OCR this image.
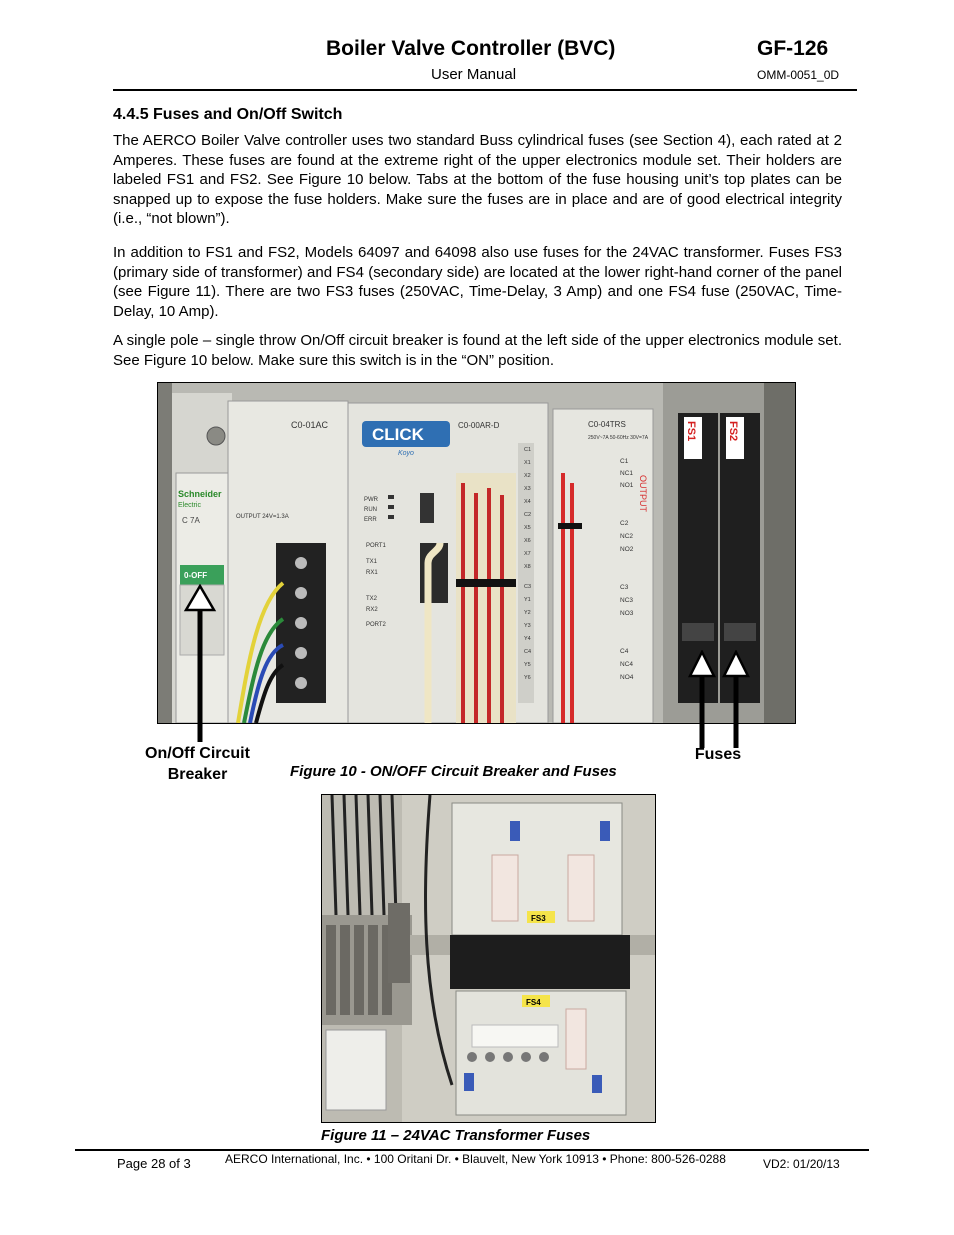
Boiler Valve Controller (BVC)	GF-126
User Manual	OMM-0051_0D
4.4.5 Fuses and On/Off Switch
The AERCO Boiler Valve controller uses two standard Buss cylindrical fuses (see Section 4), each rated at 2 Amperes. These fuses are found at the extreme right of the upper electronics module set. Their holders are labeled FS1 and FS2. See Figure 10 below. Tabs at the bottom of the fuse housing unit’s top plates can be snapped up to expose the fuse holders. Make sure the fuses are in place and are of good electrical integrity (i.e., “not blown”).
In addition to FS1 and FS2, Models 64097 and 64098 also use fuses for the 24VAC transformer. Fuses FS3 (primary side of transformer) and FS4 (secondary side) are located at the lower right-hand corner of the panel (see Figure 11). There are two FS3 fuses (250VAC, Time-Delay, 3 Amp) and one FS4 fuse (250VAC, Time-Delay, 10 Amp).
A single pole – single throw On/Off circuit breaker is found at the left side of the upper electronics module set. See Figure 10 below. Make sure this switch is in the “ON” position.
Schneider
Electric
C 7A
0-OFF
C0-01AC
OUTPUT 24V=1.3A
CLICK
Koyo
C0-00AR-D
PWR
RUN
ERR
PORT1
TX1
RX1
TX2
RX2
PORT2
C1
X1
X2
X3
X4
C2
X5
X6
X7
X8
C3
Y1
Y2
Y3
Y4
C4
Y5
Y6
C0-04TRS
250V~7A 50-60Hz 30V=7A
OUTPUT
C1
NC1
NO1
C2
NC2
NO2
C3
NC3
NO3
C4
NC4
NO4
FS1	FS2
On/Off Circuit
Breaker
Fuses
Figure 10 - ON/OFF Circuit Breaker and Fuses
FS3
FS4
Figure 11 – 24VAC Transformer Fuses
Page 28 of 3	AERCO International, Inc. • 100 Oritani Dr. • Blauvelt, New York 10913 • Phone: 800-526-0288	VD2: 01/20/13
